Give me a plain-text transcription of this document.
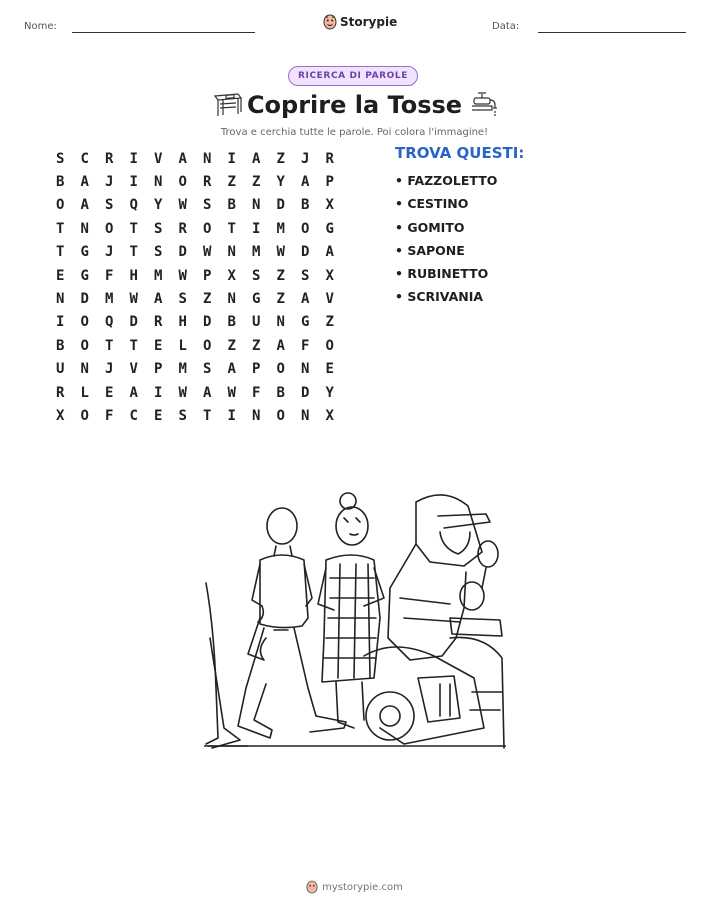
Nome:	Storypie	Data:
RICERCA DI PAROLE
Coprire la Tosse
Trova e cerchia tutte le parole. Poi colora l'immagine!
S	C	R	I	V	A	N	I	A	Z	J	R
B	A	J	I	N	O	R	Z	Z	Y	A	P
O	A	S	Q	Y	W	S	B	N	D	B	X
T	N	O	T	S	R	O	T	I	M	O	G
T	G	J	T	S	D	W	N	M	W	D	A
E	G	F	H	M	W	P	X	S	Z	S	X
N	D	M	W	A	S	Z	N	G	Z	A	V
I	O	Q	D	R	H	D	B	U	N	G	Z
B	O	T	T	E	L	O	Z	Z	A	F	O
U	N	J	V	P	M	S	A	P	O	N	E
R	L	E	A	I	W	A	W	F	B	D	Y
X	O	F	C	E	S	T	I	N	O	N	X
TROVA QUESTI:
• FAZZOLETTO
• CESTINO
• GOMITO
• SAPONE
• RUBINETTO
• SCRIVANIA
mystorypie.com
